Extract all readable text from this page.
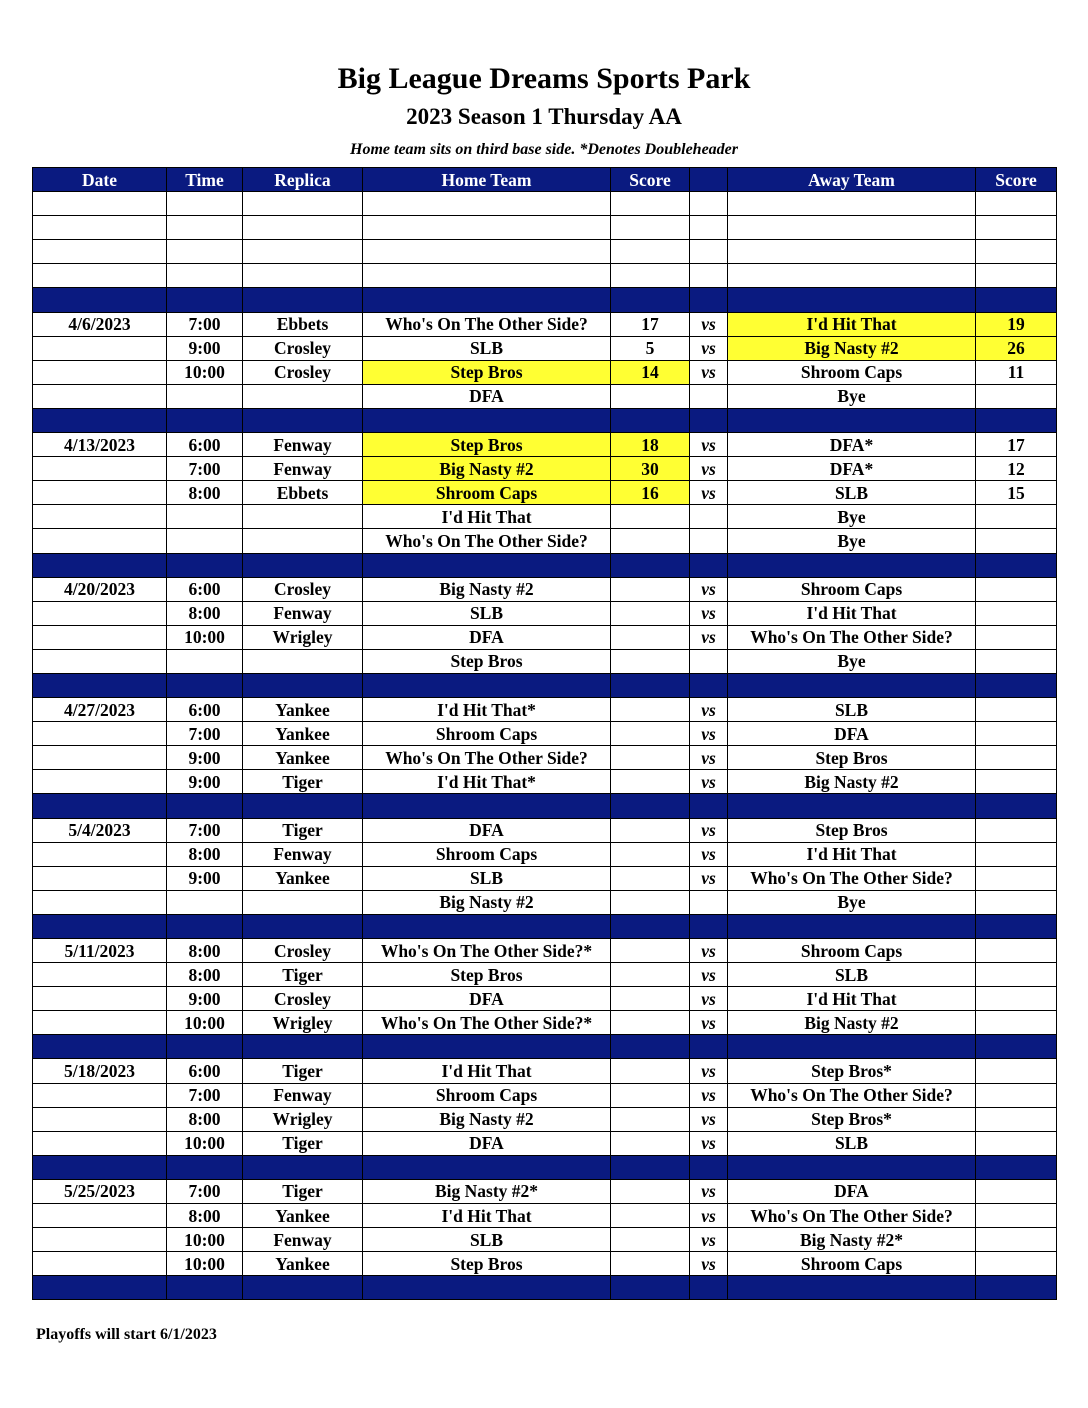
Big League Dreams Sports Park
2023 Season 1 Thursday AA
Home team sits on third base side. *Denotes Doubleheader
Date	Time	Replica	Home Team	Score		Away Team	Score

4/6/2023	7:00	Ebbets	Who's On The Other Side?	17	vs	I'd Hit That	19
	9:00	Crosley	SLB	5	vs	Big Nasty #2	26
	10:00	Crosley	Step Bros	14	vs	Shroom Caps	11
			DFA			Bye	

4/13/2023	6:00	Fenway	Step Bros	18	vs	DFA*	17
	7:00	Fenway	Big Nasty #2	30	vs	DFA*	12
	8:00	Ebbets	Shroom Caps	16	vs	SLB	15
			I'd Hit That			Bye	
			Who's On The Other Side?			Bye	

4/20/2023	6:00	Crosley	Big Nasty #2		vs	Shroom Caps	
	8:00	Fenway	SLB		vs	I'd Hit That	
	10:00	Wrigley	DFA		vs	Who's On The Other Side?	
			Step Bros			Bye	

4/27/2023	6:00	Yankee	I'd Hit That*		vs	SLB	
	7:00	Yankee	Shroom Caps		vs	DFA	
	9:00	Yankee	Who's On The Other Side?		vs	Step Bros	
	9:00	Tiger	I'd Hit That*		vs	Big Nasty #2	

5/4/2023	7:00	Tiger	DFA		vs	Step Bros	
	8:00	Fenway	Shroom Caps		vs	I'd Hit That	
	9:00	Yankee	SLB		vs	Who's On The Other Side?	
			Big Nasty #2			Bye	

5/11/2023	8:00	Crosley	Who's On The Other Side?*		vs	Shroom Caps	
	8:00	Tiger	Step Bros		vs	SLB	
	9:00	Crosley	DFA		vs	I'd Hit That	
	10:00	Wrigley	Who's On The Other Side?*		vs	Big Nasty #2	

5/18/2023	6:00	Tiger	I'd Hit That		vs	Step Bros*	
	7:00	Fenway	Shroom Caps		vs	Who's On The Other Side?	
	8:00	Wrigley	Big Nasty #2		vs	Step Bros*	
	10:00	Tiger	DFA		vs	SLB	

5/25/2023	7:00	Tiger	Big Nasty #2*		vs	DFA	
	8:00	Yankee	I'd Hit That		vs	Who's On The Other Side?	
	10:00	Fenway	SLB		vs	Big Nasty #2*	
	10:00	Yankee	Step Bros		vs	Shroom Caps	

Playoffs will start 6/1/2023
